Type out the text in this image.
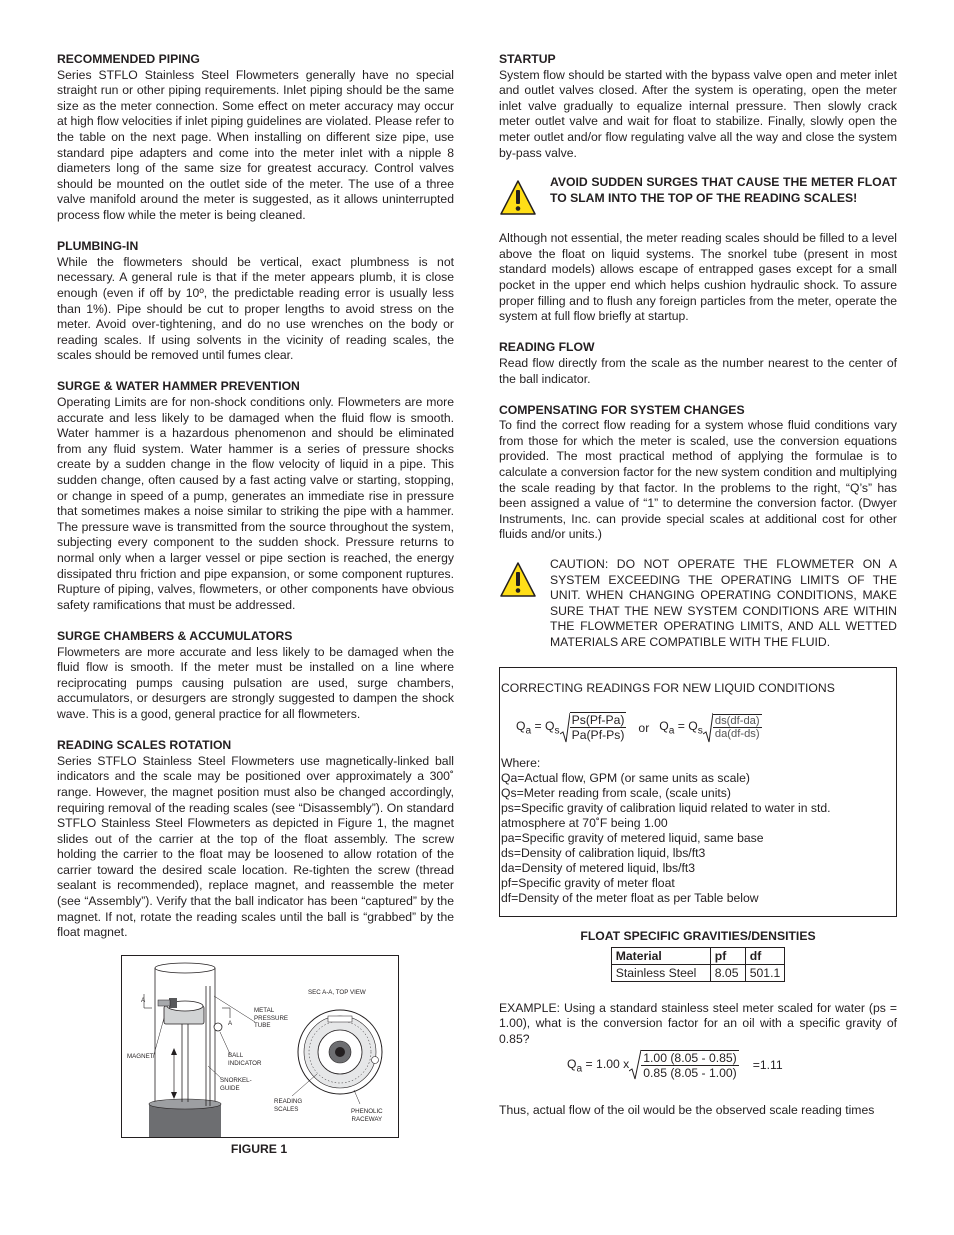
RECOMMENDED PIPING

Series STFLO Stainless Steel Flowmeters generally have no special straight run or other piping requirements. Inlet piping should be the same size as the meter connection. Some effect on meter accuracy may occur at high flow velocities if inlet piping guidelines are violated. Please refer to the table on the next page. When installing on different size pipe, use standard pipe adapters and come into the meter inlet with a nipple 8 diameters long of the same size for greatest accuracy. Control valves should be mounted on the outlet side of the meter. The use of a three valve manifold around the meter is suggested, as it allows uninterrupted process flow while the meter is being cleaned.

PLUMBING-IN

While the flowmeters should be vertical, exact plumbness is not necessary. A general rule is that if the meter appears plumb, it is close enough (even if off by 10º, the predictable reading error is usually less than 1%). Pipe should be cut to proper lengths to avoid stress on the meter. Avoid over-tightening, and do no use wrenches on the body or reading scales. If using solvents in the vicinity of reading scales, the scales should be removed until fumes clear.

SURGE & WATER HAMMER PREVENTION

Operating Limits are for non-shock conditions only. Flowmeters are more accurate and less likely to be damaged when the fluid flow is smooth. Water hammer is a hazardous phenomenon and should be eliminated from any fluid system. Water hammer is a series of pressure shocks create by a sudden change in the flow velocity of liquid in a pipe. This sudden change, often caused by a fast acting valve or starting, stopping, or change in speed of a pump, generates an immediate rise in pressure that sometimes makes a noise similar to striking the pipe with a hammer. The pressure wave is transmitted from the source throughout the system, subjecting every component to the sudden shock. Pressure returns to normal only when a larger vessel or pipe section is reached, the energy dissipated thru friction and pipe expansion, or some component ruptures. Rupture of piping, valves, flowmeters, or other components have obvious safety ramifications that must be addressed.

SURGE CHAMBERS & ACCUMULATORS

Flowmeters are more accurate and less likely to be damaged when the fluid flow is smooth. If the meter must be installed on a line where reciprocating pumps causing pulsation are used, surge chambers, accumulators, or desurgers are strongly suggested to dampen the shock wave. This is a good, general practice for all flowmeters.

READING SCALES ROTATION

Series STFLO Stainless Steel Flowmeters use magnetically-linked ball indicators and the scale may be positioned over approximately a 300˚ range. However, the magnet position must also be changed accordingly, requiring removal of the reading scales (see “Disassembly”). On standard STFLO Stainless Steel Flowmeters as depicted in Figure 1, the magnet slides out of the carrier at the top of the float assembly. The screw holding the carrier to the float may be loosened to allow rotation of the carrier toward the desired scale location. Re-tighten the screw (thread sealant is recommended), replace magnet, and reassemble the meter (see “Assembly”). Verify that the ball indicator has been “captured” by the magnet. If not, rotate the reading scales until the ball is “grabbed” by the float magnet.

A
A
MAGNET
METAL
PRESSURE
TUBE
BALL
INDICATOR
SNORKEL-
GUIDE
SEC A-A, TOP VIEW
READING
SCALES	PHENOLIC
RACEWAY
FIGURE 1
STARTUP

System flow should be started with the bypass valve open and meter inlet and outlet valves closed. After the system is operating, open the meter inlet valve gradually to equalize internal pressure. Then slowly crack meter outlet valve and wait for float to stabilize. Finally, slowly open the meter outlet and/or flow regulating valve all the way and close the system by-pass valve.

AVOID SUDDEN SURGES THAT CAUSE THE METER FLOAT TO SLAM INTO THE TOP OF THE READING SCALES!

Although not essential, the meter reading scales should be filled to a level above the float on liquid systems. The snorkel tube (present in most standard models) allows escape of entrapped gases except for a small pocket in the upper end which helps cushion hydraulic shock. To assure proper filling and to flush any foreign particles from the meter, operate the system at full flow briefly at startup.

READING FLOW

Read flow directly from the scale as the number nearest to the center of the ball indicator.

COMPENSATING FOR SYSTEM CHANGES

To find the correct flow reading for a system whose fluid conditions vary from those for which the meter is scaled, use the conversion equations provided. The most practical method of applying the formulae is to calculate a conversion factor for the new system condition and multiplying the scale reading by that factor. In the problems to the right, “Q’s” has been assigned a value of “1” to determine the conversion factor. (Dwyer Instruments, Inc. can provide special scales at additional cost for other fluids and/or units.)

CAUTION: DO NOT OPERATE THE FLOWMETER ON A SYSTEM EXCEEDING THE OPERATING LIMITS OF THE UNIT. WHEN CHANGING OPERATING CONDITIONS, MAKE SURE THAT THE NEW SYSTEM CONDITIONS ARE WITHIN THE FLOWMETER OPERATING LIMITS, AND ALL WETTED MATERIALS ARE COMPATIBLE WITH THE FLUID.

CORRECTING READINGS FOR NEW LIQUID CONDITIONS
$Q_a = Q_s \frac{Ps(Pf-Pa)}{Pa(Pf-Ps)}$ or $Q_a = Q_s \frac{ds(df-da)}{da(df-ds)}$
Where:
Qa=Actual flow, GPM (or same units as scale)
Qs=Meter reading from scale, (scale units)
ps=Specific gravity of calibration liquid related to water in std.
atmosphere at 70˚F being 1.00
pa=Specific gravity of metered liquid, same base
ds=Density of calibration liquid, lbs/ft3
da=Density of metered liquid, lbs/ft3
pf=Specific gravity of meter float
df=Density of the meter float as per Table below
FLOAT SPECIFIC GRAVITIES/DENSITIES
Material	pf	df
Stainless Steel	8.05	501.1

EXAMPLE: Using a standard stainless steel meter scaled for water (ps = 1.00), what is the conversion factor for an oil with a specific gravity of 0.85?

$Q_a = 1.00$ x $\frac{1.00 (8.05 - 0.85)}{0.85 (8.05 - 1.00)} =1.11$

Thus, actual flow of the oil would be the observed scale reading times
